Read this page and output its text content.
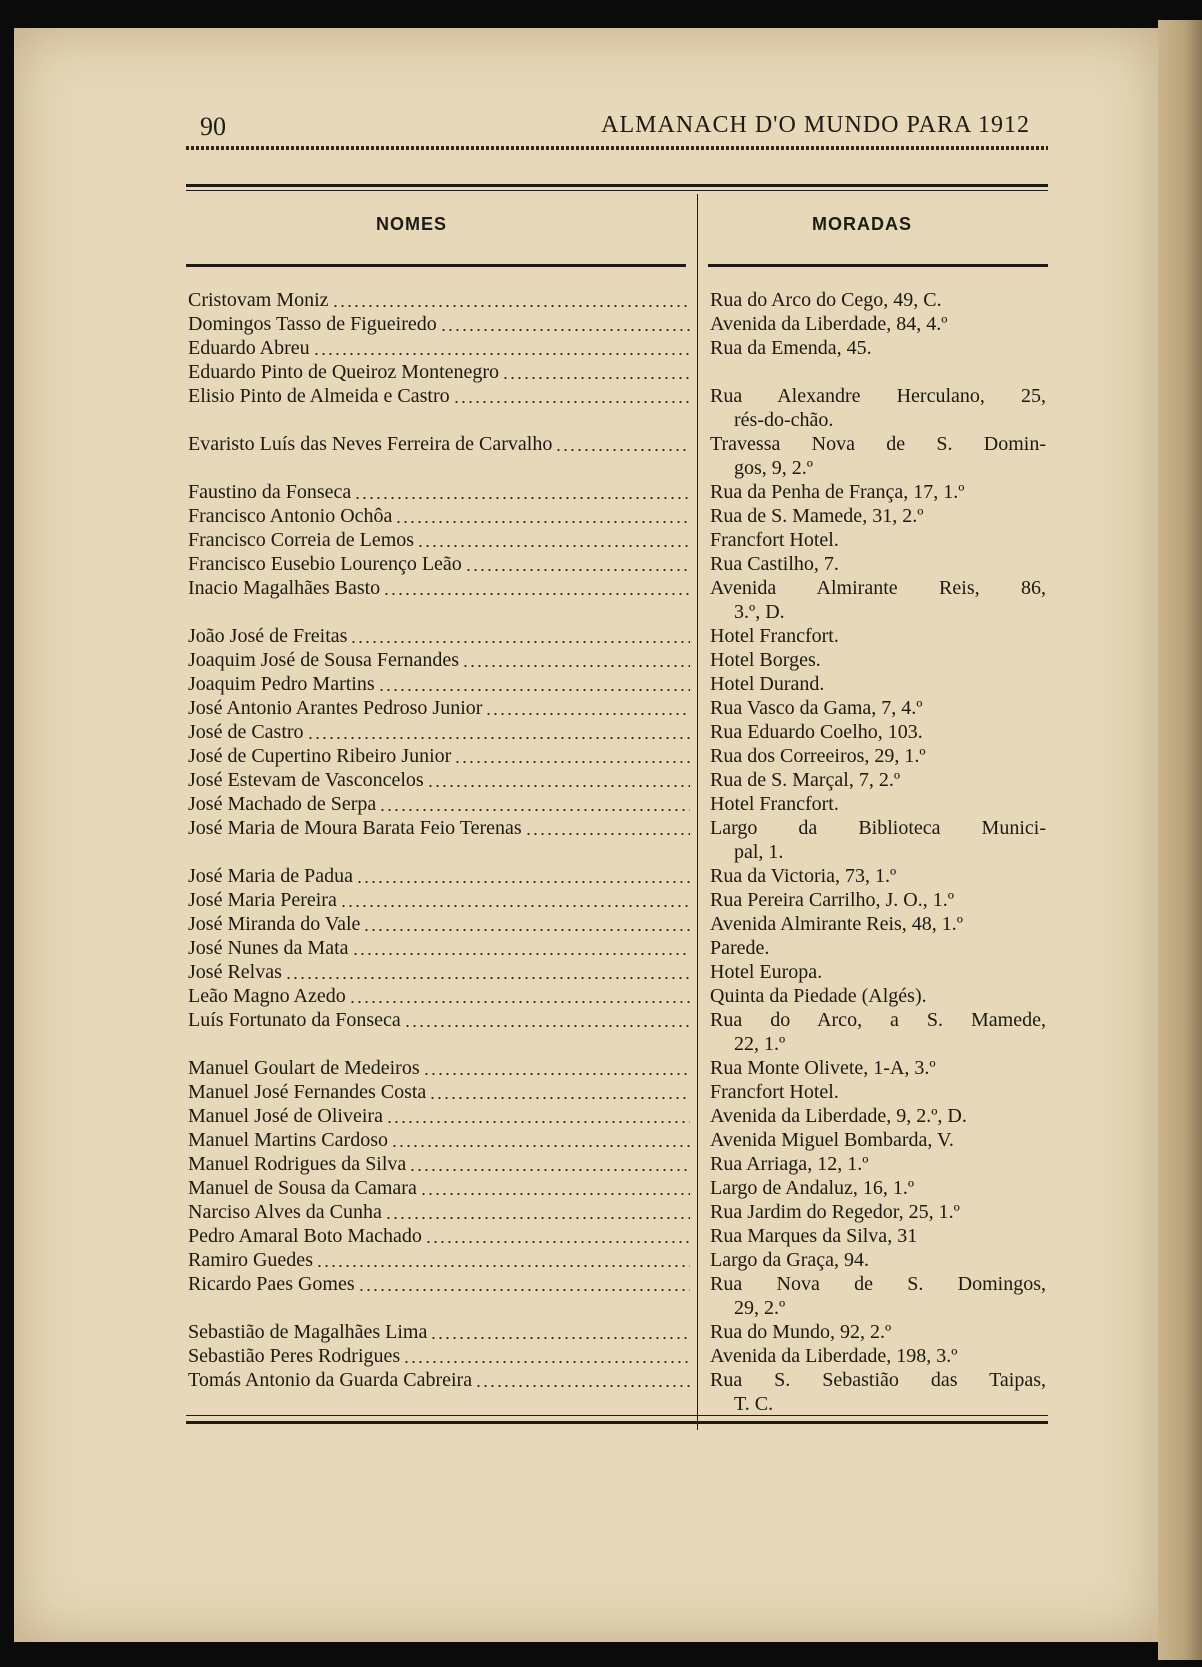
90	ALMANACH D'O MUNDO PARA 1912
NOMES	MORADAS
Cristovam Moniz	Rua do Arco do Cego, 49, C.
Domingos Tasso de Figueiredo	Avenida da Liberdade, 84, 4.º
Eduardo Abreu	Rua da Emenda, 45.
Eduardo Pinto de Queiroz Montenegro
Elisio Pinto de Almeida e Castro	Rua Alexandre Herculano, 25,
rés-do-chão.
Evaristo Luís das Neves Ferreira de Carvalho	Travessa Nova de S. Domin-
gos, 9, 2.º
Faustino da Fonseca	Rua da Penha de França, 17, 1.º
Francisco Antonio Ochôa	Rua de S. Mamede, 31, 2.º
Francisco Correia de Lemos	Francfort Hotel.
Francisco Eusebio Lourenço Leão	Rua Castilho, 7.
Inacio Magalhães Basto	Avenida Almirante Reis, 86,
3.º, D.
João José de Freitas	Hotel Francfort.
Joaquim José de Sousa Fernandes	Hotel Borges.
Joaquim Pedro Martins	Hotel Durand.
José Antonio Arantes Pedroso Junior	Rua Vasco da Gama, 7, 4.º
José de Castro	Rua Eduardo Coelho, 103.
José de Cupertino Ribeiro Junior	Rua dos Correeiros, 29, 1.º
José Estevam de Vasconcelos	Rua de S. Marçal, 7, 2.º
José Machado de Serpa	Hotel Francfort.
José Maria de Moura Barata Feio Terenas	Largo da Biblioteca Munici-
pal, 1.
José Maria de Padua	Rua da Victoria, 73, 1.º
José Maria Pereira	Rua Pereira Carrilho, J. O., 1.º
José Miranda do Vale	Avenida Almirante Reis, 48, 1.º
José Nunes da Mata	Parede.
José Relvas	Hotel Europa.
Leão Magno Azedo	Quinta da Piedade (Algés).
Luís Fortunato da Fonseca	Rua do Arco, a S. Mamede,
22, 1.º
Manuel Goulart de Medeiros	Rua Monte Olivete, 1-A, 3.º
Manuel José Fernandes Costa	Francfort Hotel.
Manuel José de Oliveira	Avenida da Liberdade, 9, 2.º, D.
Manuel Martins Cardoso	Avenida Miguel Bombarda, V.
Manuel Rodrigues da Silva	Rua Arriaga, 12, 1.º
Manuel de Sousa da Camara	Largo de Andaluz, 16, 1.º
Narciso Alves da Cunha	Rua Jardim do Regedor, 25, 1.º
Pedro Amaral Boto Machado	Rua Marques da Silva, 31
Ramiro Guedes	Largo da Graça, 94.
Ricardo Paes Gomes	Rua Nova de S. Domingos,
29, 2.º
Sebastião de Magalhães Lima	Rua do Mundo, 92, 2.º
Sebastião Peres Rodrigues	Avenida da Liberdade, 198, 3.º
Tomás Antonio da Guarda Cabreira	Rua S. Sebastião das Taipas,
T. C.
